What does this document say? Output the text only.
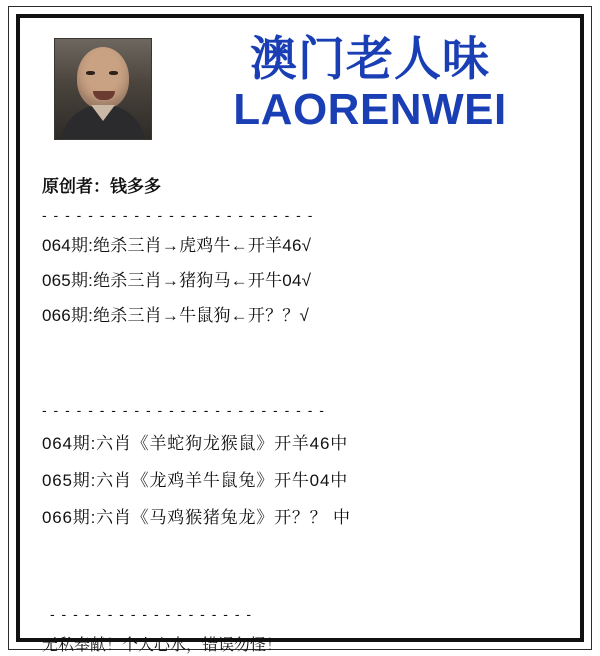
澳门老人味
LAORENWEI
原创者：钱多多
- - - - - - - - - - - - - - - - - - - - - - - -
064期:绝杀三肖→虎鸡牛←开羊46√
065期:绝杀三肖→猪狗马←开牛04√
066期:绝杀三肖→牛鼠狗←开？？√
- - - - - - - - - - - - - - - - - - - - - - - - -
064期:六肖《羊蛇狗龙猴鼠》开羊46中
065期:六肖《龙鸡羊牛鼠兔》开牛04中
066期:六肖《马鸡猴猪兔龙》开？？ 中
- - - - - - - - - - - - - - - - - -
无私奉献！个人心水，错误勿怪！
